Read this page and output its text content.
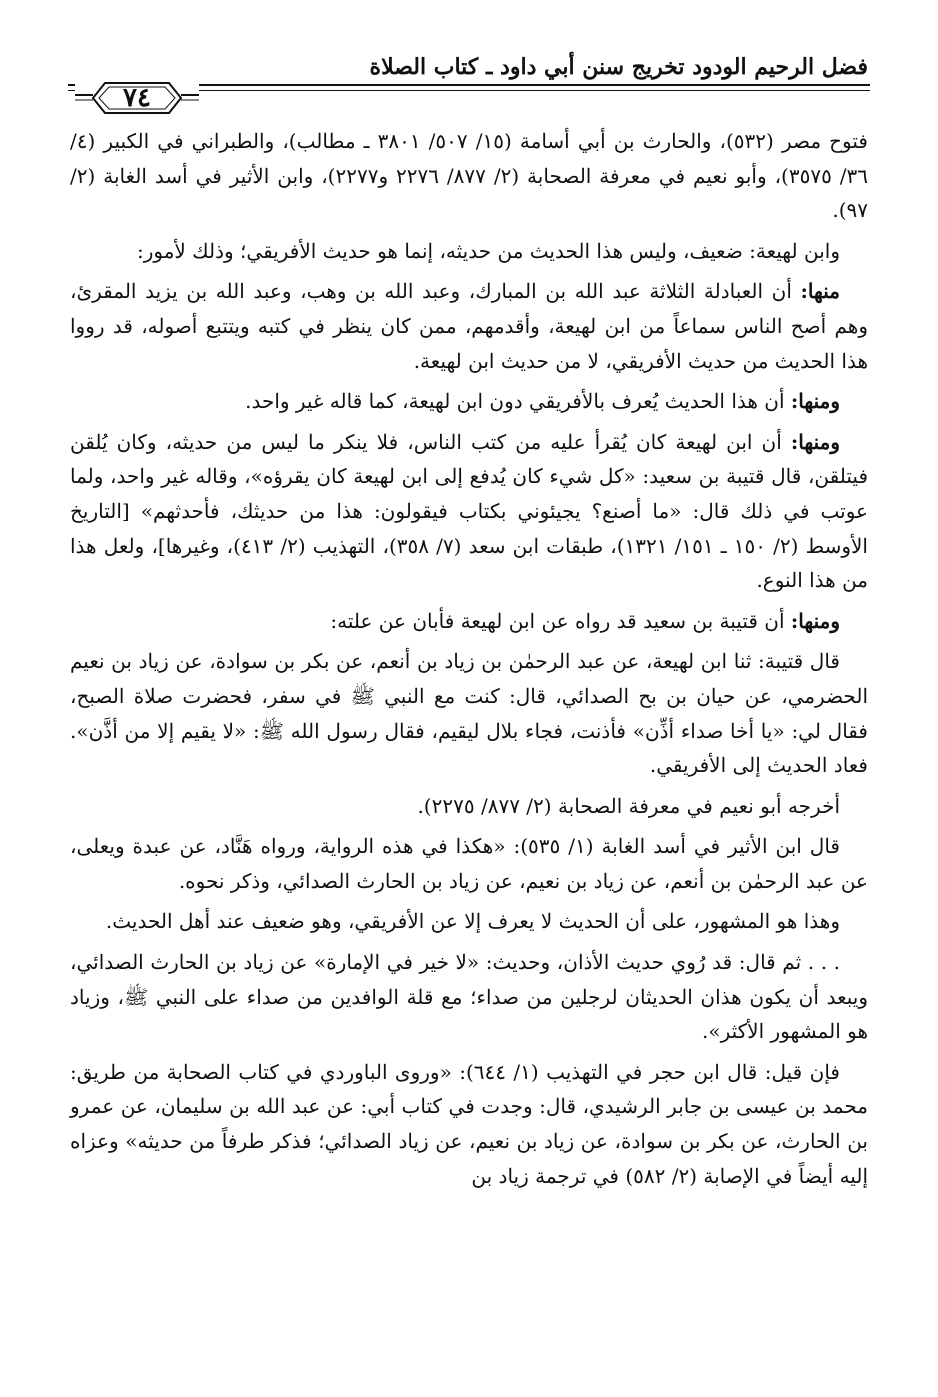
فضل الرحيم الودود تخريج سنن أبي داود ـ كتاب الصلاة
٧٤

فتوح مصر (٥٣٢)، والحارث بن أبي أسامة (١٥/ ٥٠٧/ ٣٨٠١ ـ مطالب)، والطبراني في الكبير (٤/ ٣٦/ ٣٥٧٥)، وأبو نعيم في معرفة الصحابة (٢/ ٨٧٧/ ٢٢٧٦ و٢٢٧٧)، وابن الأثير في أسد الغابة (٢/ ٩٧).

وابن لهيعة: ضعيف، وليس هذا الحديث من حديثه، إنما هو حديث الأفريقي؛ وذلك لأمور:

منها: أن العبادلة الثلاثة عبد الله بن المبارك، وعبد الله بن وهب، وعبد الله بن يزيد المقرئ، وهم أصح الناس سماعاً من ابن لهيعة، وأقدمهم، ممن كان ينظر في كتبه ويتتبع أصوله، قد رووا هذا الحديث من حديث الأفريقي، لا من حديث ابن لهيعة.

ومنها: أن هذا الحديث يُعرف بالأفريقي دون ابن لهيعة، كما قاله غير واحد.

ومنها: أن ابن لهيعة كان يُقرأ عليه من كتب الناس، فلا ينكر ما ليس من حديثه، وكان يُلقن فيتلقن، قال قتيبة بن سعيد: «كل شيء كان يُدفع إلى ابن لهيعة كان يقرؤه»، وقاله غير واحد، ولما عوتب في ذلك قال: «ما أصنع؟ يجيئوني بكتاب فيقولون: هذا من حديثك، فأحدثهم» [التاريخ الأوسط (٢/ ١٥٠ ـ ١٥١/ ١٣٢١)، طبقات ابن سعد (٧/ ٣٥٨)، التهذيب (٢/ ٤١٣)، وغيرها]، ولعل هذا من هذا النوع.

ومنها: أن قتيبة بن سعيد قد رواه عن ابن لهيعة فأبان عن علته:

قال قتيبة: ثنا ابن لهيعة، عن عبد الرحمٰن بن زياد بن أنعم، عن بكر بن سوادة، عن زياد بن نعيم الحضرمي، عن حيان بن بح الصدائي، قال: كنت مع النبي ﷺ في سفر، فحضرت صلاة الصبح، فقال لي: «يا أخا صداء أذِّن» فأذنت، فجاء بلال ليقيم، فقال رسول الله ﷺ: «لا يقيم إلا من أذَّن». فعاد الحديث إلى الأفريقي.

أخرجه أبو نعيم في معرفة الصحابة (٢/ ٨٧٧/ ٢٢٧٥).

قال ابن الأثير في أسد الغابة (١/ ٥٣٥): «هكذا في هذه الرواية، ورواه هَنَّاد، عن عبدة ويعلى، عن عبد الرحمٰن بن أنعم، عن زياد بن نعيم، عن زياد بن الحارث الصدائي، وذكر نحوه.

وهذا هو المشهور، على أن الحديث لا يعرف إلا عن الأفريقي، وهو ضعيف عند أهل الحديث.

. . . ثم قال: قد رُوي حديث الأذان، وحديث: «لا خير في الإمارة» عن زياد بن الحارث الصدائي، ويبعد أن يكون هذان الحديثان لرجلين من صداء؛ مع قلة الوافدين من صداء على النبي ﷺ، وزياد هو المشهور الأكثر».

فإن قيل: قال ابن حجر في التهذيب (١/ ٦٤٤): «وروى الباوردي في كتاب الصحابة من طريق: محمد بن عيسى بن جابر الرشيدي، قال: وجدت في كتاب أبي: عن عبد الله بن سليمان، عن عمرو بن الحارث، عن بكر بن سوادة، عن زياد بن نعيم، عن زياد الصدائي؛ فذكر طرفاً من حديثه» وعزاه إليه أيضاً في الإصابة (٢/ ٥٨٢) في ترجمة زياد بن
